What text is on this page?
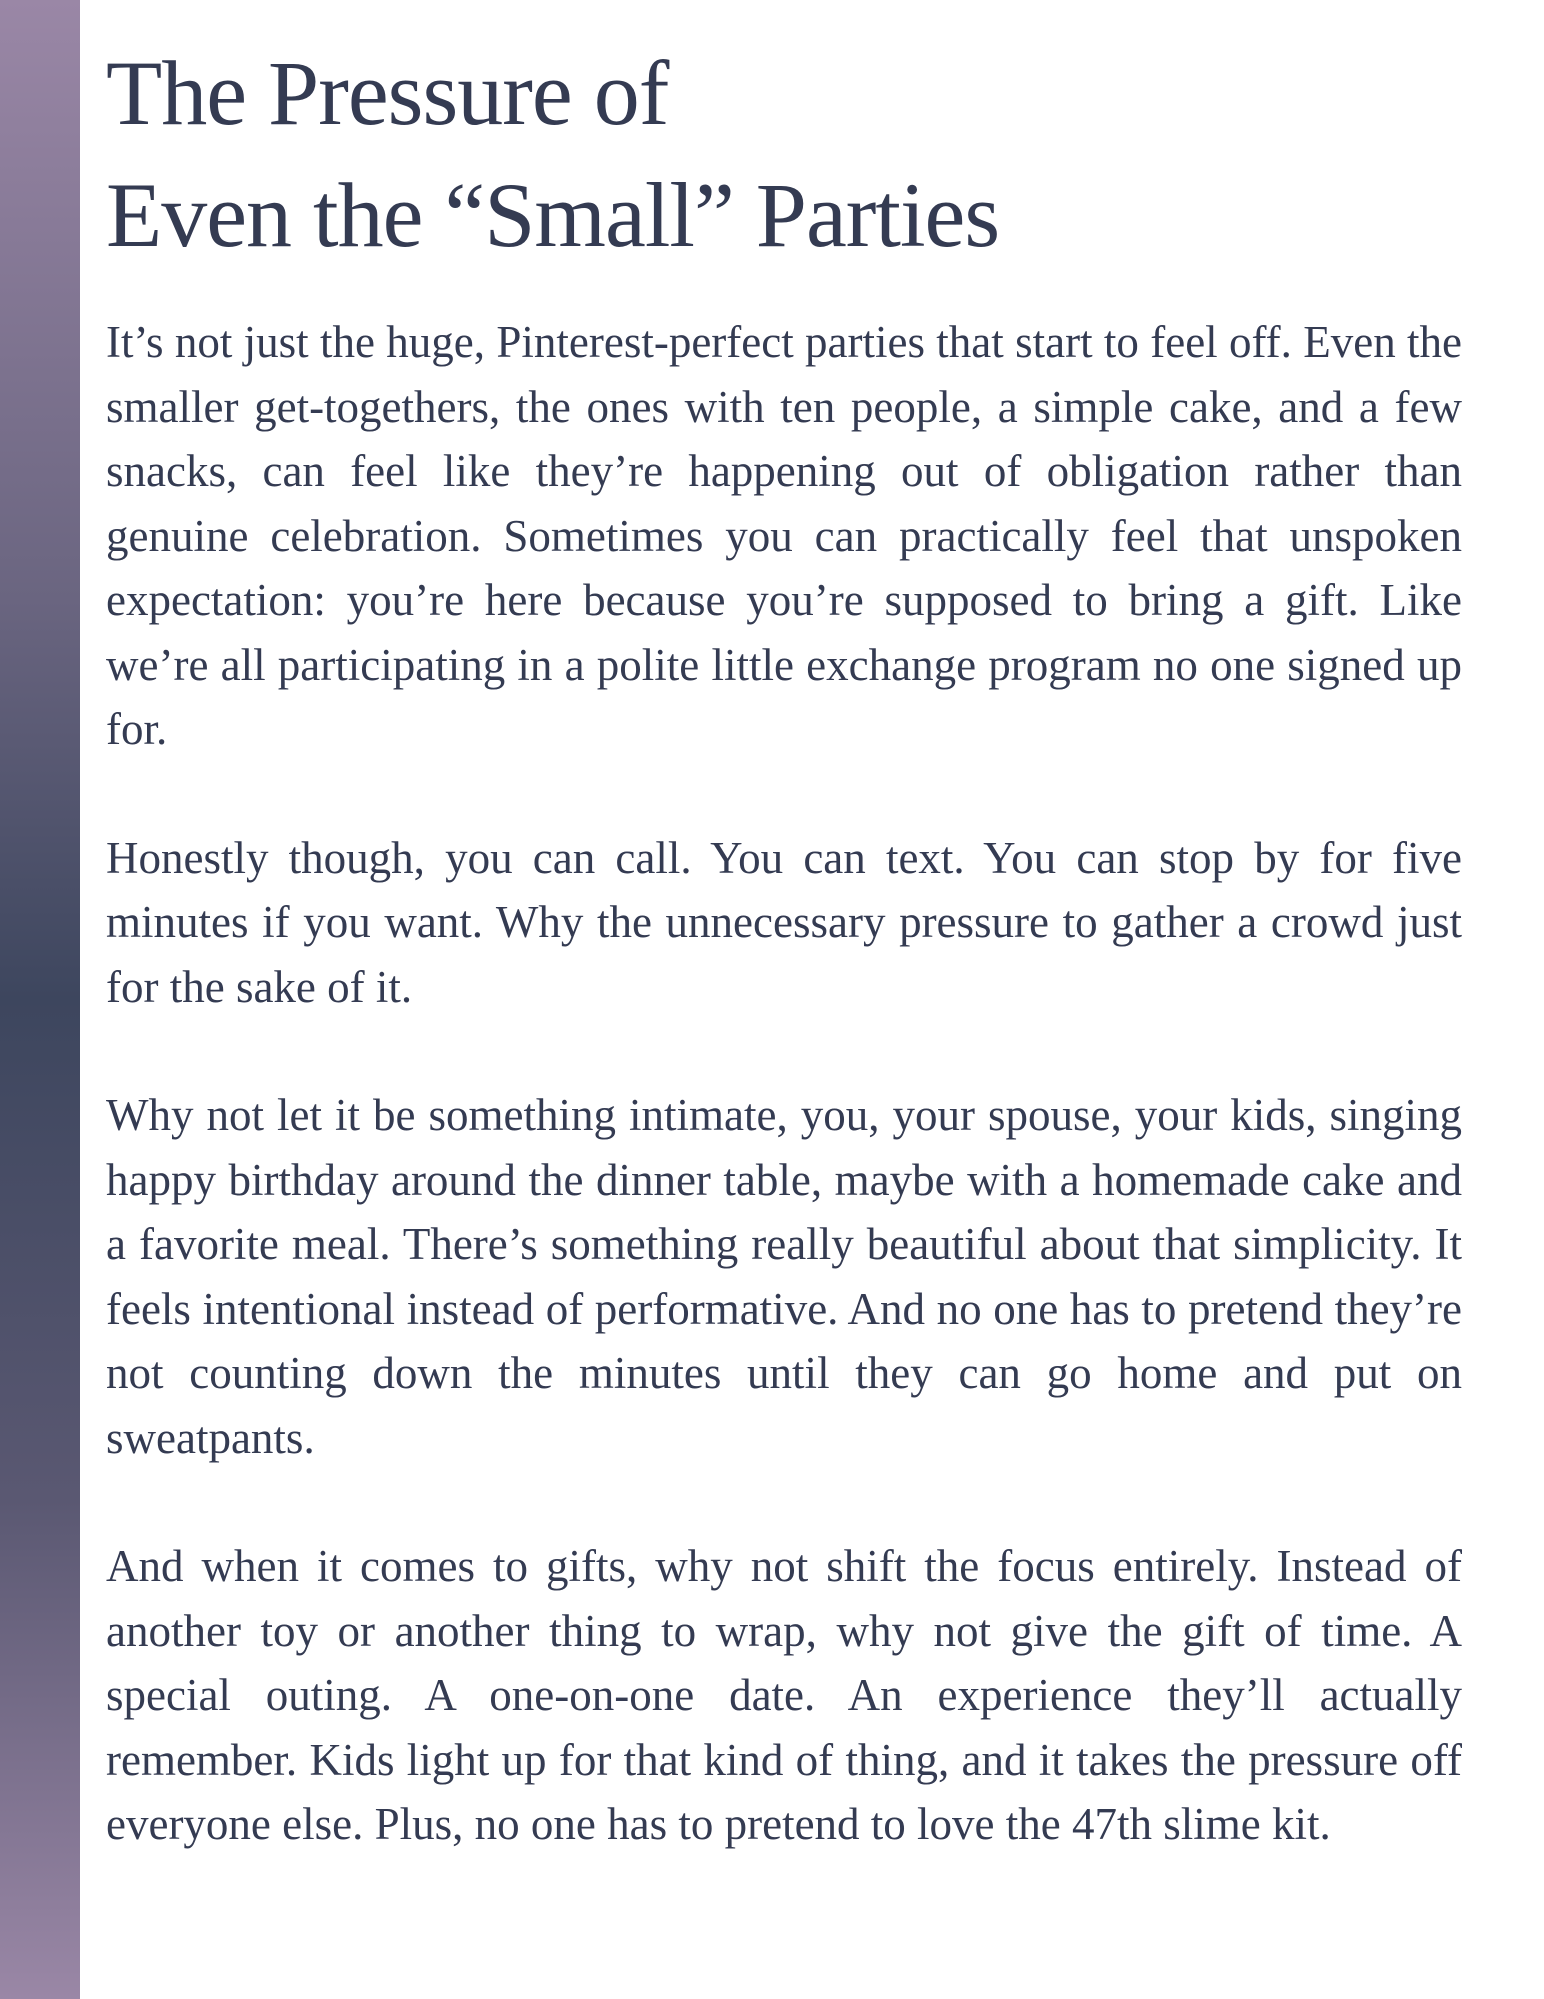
The Pressure of
Even the “Small” Parties

It’s not just the huge, Pinterest-perfect parties that start to feel off. Even the smaller get-togethers, the ones with ten people, a simple cake, and a few snacks, can feel like they’re happening out of obligation rather than genuine celebration. Sometimes you can practically feel that unspoken expectation: you’re here because you’re supposed to bring a gift. Like we’re all participating in a polite little exchange program no one signed up for.

Honestly though, you can call. You can text. You can stop by for five minutes if you want. Why the unnecessary pressure to gather a crowd just for the sake of it.

Why not let it be something intimate, you, your spouse, your kids, singing happy birthday around the dinner table, maybe with a homemade cake and a favorite meal. There’s something really beautiful about that simplicity. It feels intentional instead of performative. And no one has to pretend they’re not counting down the minutes until they can go home and put on sweatpants.

And when it comes to gifts, why not shift the focus entirely. Instead of another toy or another thing to wrap, why not give the gift of time. A special outing. A one-on-one date. An experience they’ll actually remember. Kids light up for that kind of thing, and it takes the pressure off everyone else. Plus, no one has to pretend to love the 47th slime kit.
